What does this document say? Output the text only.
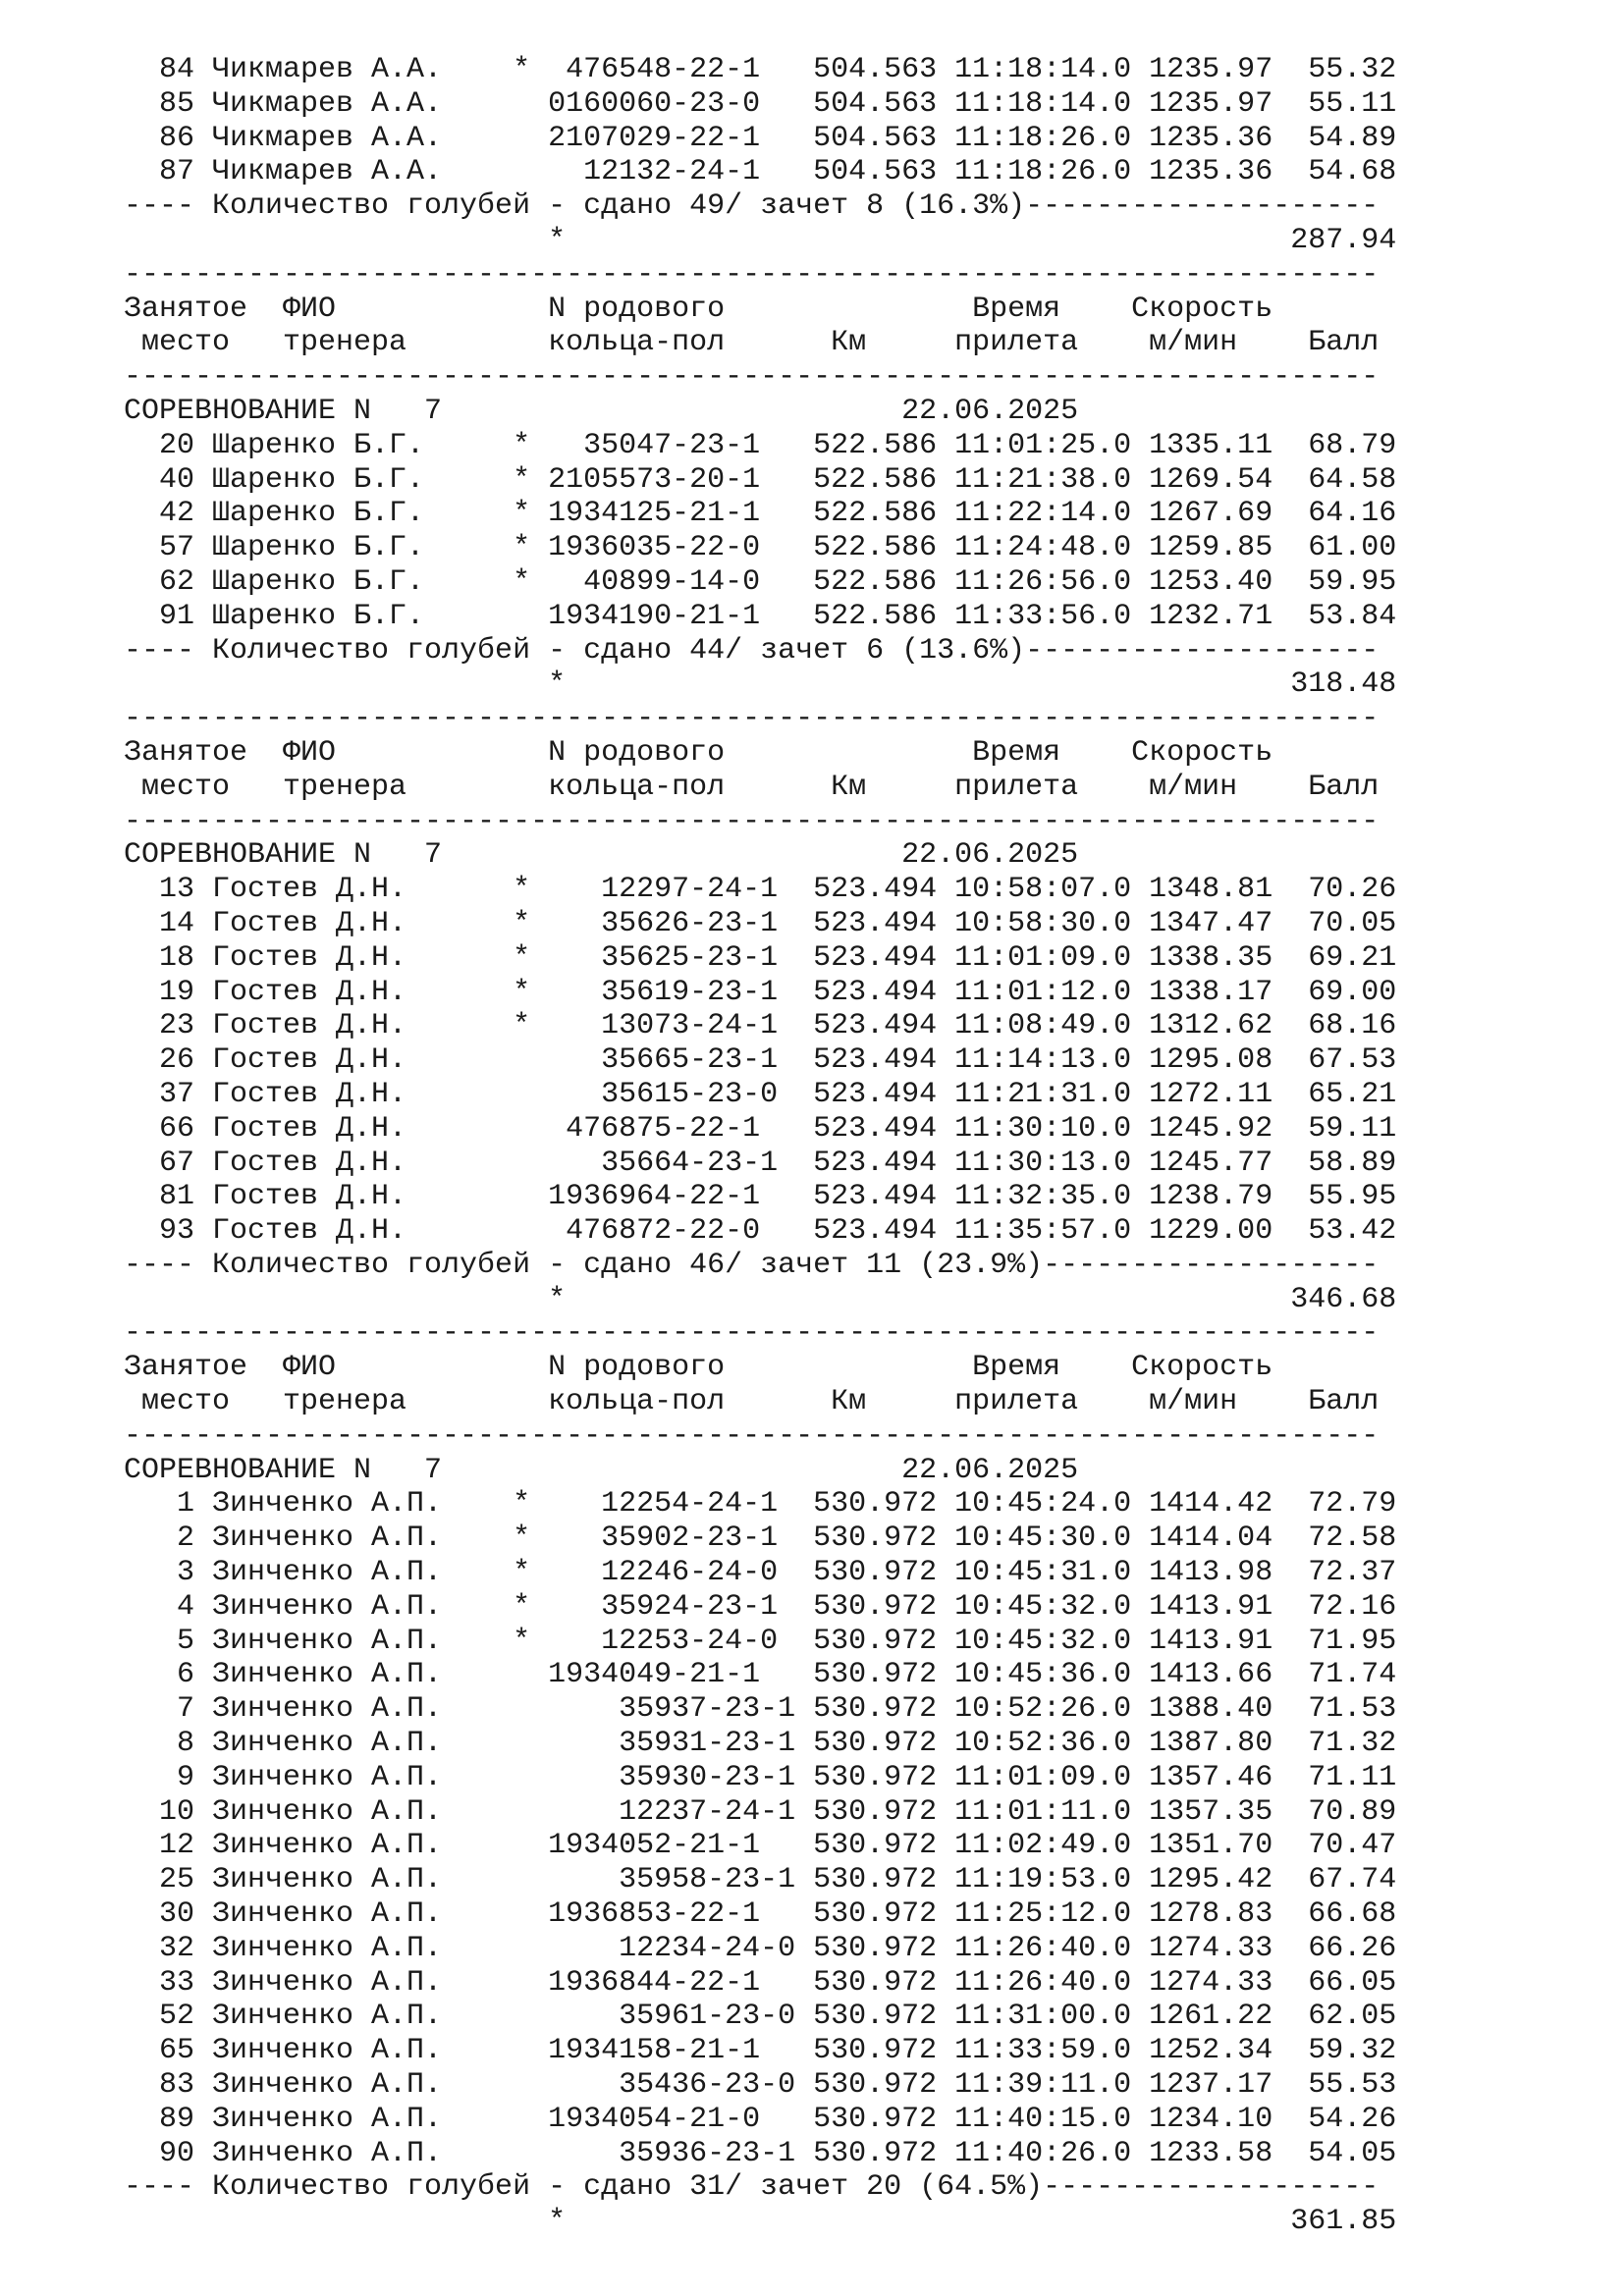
84 Чикмарев А.А.    *  476548-22-1   504.563 11:18:14.0 1235.97  55.32
85 Чикмарев А.А.      0160060-23-0   504.563 11:18:14.0 1235.97  55.11
86 Чикмарев А.А.      2107029-22-1   504.563 11:18:26.0 1235.36  54.89
87 Чикмарев А.А.        12132-24-1   504.563 11:18:26.0 1235.36  54.68
---- Количество голубей - сдано 49/ зачет 8 (16.3%)--------------------
*                                         287.94
-----------------------------------------------------------------------
Занятое  ФИО            N родового              Время    Скорость
место   тренера        кольца-пол      Км     прилета    м/мин    Балл
-----------------------------------------------------------------------
СОРЕВНОВАНИЕ N   7                          22.06.2025
20 Шаренко Б.Г.     *   35047-23-1   522.586 11:01:25.0 1335.11  68.79
40 Шаренко Б.Г.     * 2105573-20-1   522.586 11:21:38.0 1269.54  64.58
42 Шаренко Б.Г.     * 1934125-21-1   522.586 11:22:14.0 1267.69  64.16
57 Шаренко Б.Г.     * 1936035-22-0   522.586 11:24:48.0 1259.85  61.00
62 Шаренко Б.Г.     *   40899-14-0   522.586 11:26:56.0 1253.40  59.95
91 Шаренко Б.Г.       1934190-21-1   522.586 11:33:56.0 1232.71  53.84
---- Количество голубей - сдано 44/ зачет 6 (13.6%)--------------------
*                                         318.48
-----------------------------------------------------------------------
Занятое  ФИО            N родового              Время    Скорость
место   тренера        кольца-пол      Км     прилета    м/мин    Балл
-----------------------------------------------------------------------
СОРЕВНОВАНИЕ N   7                          22.06.2025
13 Гостев Д.Н.      *    12297-24-1  523.494 10:58:07.0 1348.81  70.26
14 Гостев Д.Н.      *    35626-23-1  523.494 10:58:30.0 1347.47  70.05
18 Гостев Д.Н.      *    35625-23-1  523.494 11:01:09.0 1338.35  69.21
19 Гостев Д.Н.      *    35619-23-1  523.494 11:01:12.0 1338.17  69.00
23 Гостев Д.Н.      *    13073-24-1  523.494 11:08:49.0 1312.62  68.16
26 Гостев Д.Н.           35665-23-1  523.494 11:14:13.0 1295.08  67.53
37 Гостев Д.Н.           35615-23-0  523.494 11:21:31.0 1272.11  65.21
66 Гостев Д.Н.         476875-22-1   523.494 11:30:10.0 1245.92  59.11
67 Гостев Д.Н.           35664-23-1  523.494 11:30:13.0 1245.77  58.89
81 Гостев Д.Н.        1936964-22-1   523.494 11:32:35.0 1238.79  55.95
93 Гостев Д.Н.         476872-22-0   523.494 11:35:57.0 1229.00  53.42
---- Количество голубей - сдано 46/ зачет 11 (23.9%)-------------------
*                                         346.68
-----------------------------------------------------------------------
Занятое  ФИО            N родового              Время    Скорость
место   тренера        кольца-пол      Км     прилета    м/мин    Балл
-----------------------------------------------------------------------
СОРЕВНОВАНИЕ N   7                          22.06.2025
1 Зинченко А.П.    *    12254-24-1  530.972 10:45:24.0 1414.42  72.79
2 Зинченко А.П.    *    35902-23-1  530.972 10:45:30.0 1414.04  72.58
3 Зинченко А.П.    *    12246-24-0  530.972 10:45:31.0 1413.98  72.37
4 Зинченко А.П.    *    35924-23-1  530.972 10:45:32.0 1413.91  72.16
5 Зинченко А.П.    *    12253-24-0  530.972 10:45:32.0 1413.91  71.95
6 Зинченко А.П.      1934049-21-1   530.972 10:45:36.0 1413.66  71.74
7 Зинченко А.П.          35937-23-1 530.972 10:52:26.0 1388.40  71.53
8 Зинченко А.П.          35931-23-1 530.972 10:52:36.0 1387.80  71.32
9 Зинченко А.П.          35930-23-1 530.972 11:01:09.0 1357.46  71.11
10 Зинченко А.П.          12237-24-1 530.972 11:01:11.0 1357.35  70.89
12 Зинченко А.П.      1934052-21-1   530.972 11:02:49.0 1351.70  70.47
25 Зинченко А.П.          35958-23-1 530.972 11:19:53.0 1295.42  67.74
30 Зинченко А.П.      1936853-22-1   530.972 11:25:12.0 1278.83  66.68
32 Зинченко А.П.          12234-24-0 530.972 11:26:40.0 1274.33  66.26
33 Зинченко А.П.      1936844-22-1   530.972 11:26:40.0 1274.33  66.05
52 Зинченко А.П.          35961-23-0 530.972 11:31:00.0 1261.22  62.05
65 Зинченко А.П.      1934158-21-1   530.972 11:33:59.0 1252.34  59.32
83 Зинченко А.П.          35436-23-0 530.972 11:39:11.0 1237.17  55.53
89 Зинченко А.П.      1934054-21-0   530.972 11:40:15.0 1234.10  54.26
90 Зинченко А.П.          35936-23-1 530.972 11:40:26.0 1233.58  54.05
---- Количество голубей - сдано 31/ зачет 20 (64.5%)-------------------
*                                         361.85
